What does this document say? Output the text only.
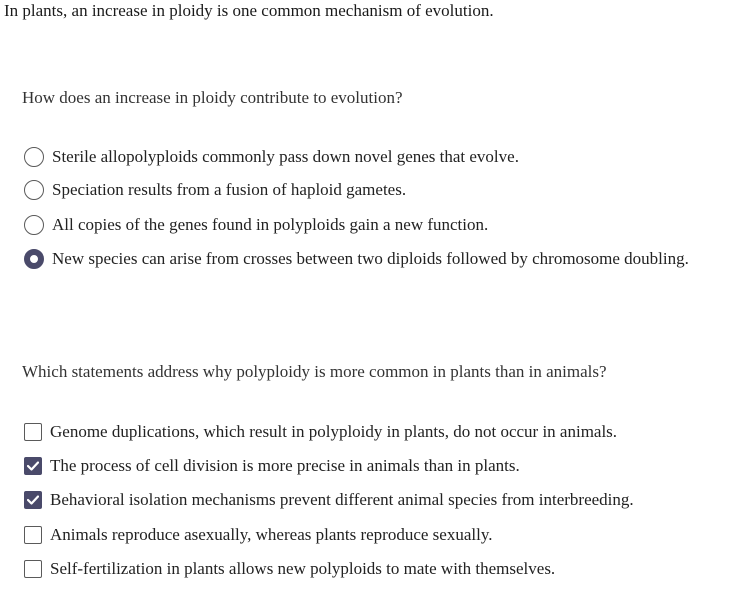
In plants, an increase in ploidy is one common mechanism of evolution.
How does an increase in ploidy contribute to evolution?
Sterile allopolyploids commonly pass down novel genes that evolve.
Speciation results from a fusion of haploid gametes.
All copies of the genes found in polyploids gain a new function.
New species can arise from crosses between two diploids followed by chromosome doubling.
Which statements address why polyploidy is more common in plants than in animals?
Genome duplications, which result in polyploidy in plants, do not occur in animals.
The process of cell division is more precise in animals than in plants.
Behavioral isolation mechanisms prevent different animal species from interbreeding.
Animals reproduce asexually, whereas plants reproduce sexually.
Self-fertilization in plants allows new polyploids to mate with themselves.
